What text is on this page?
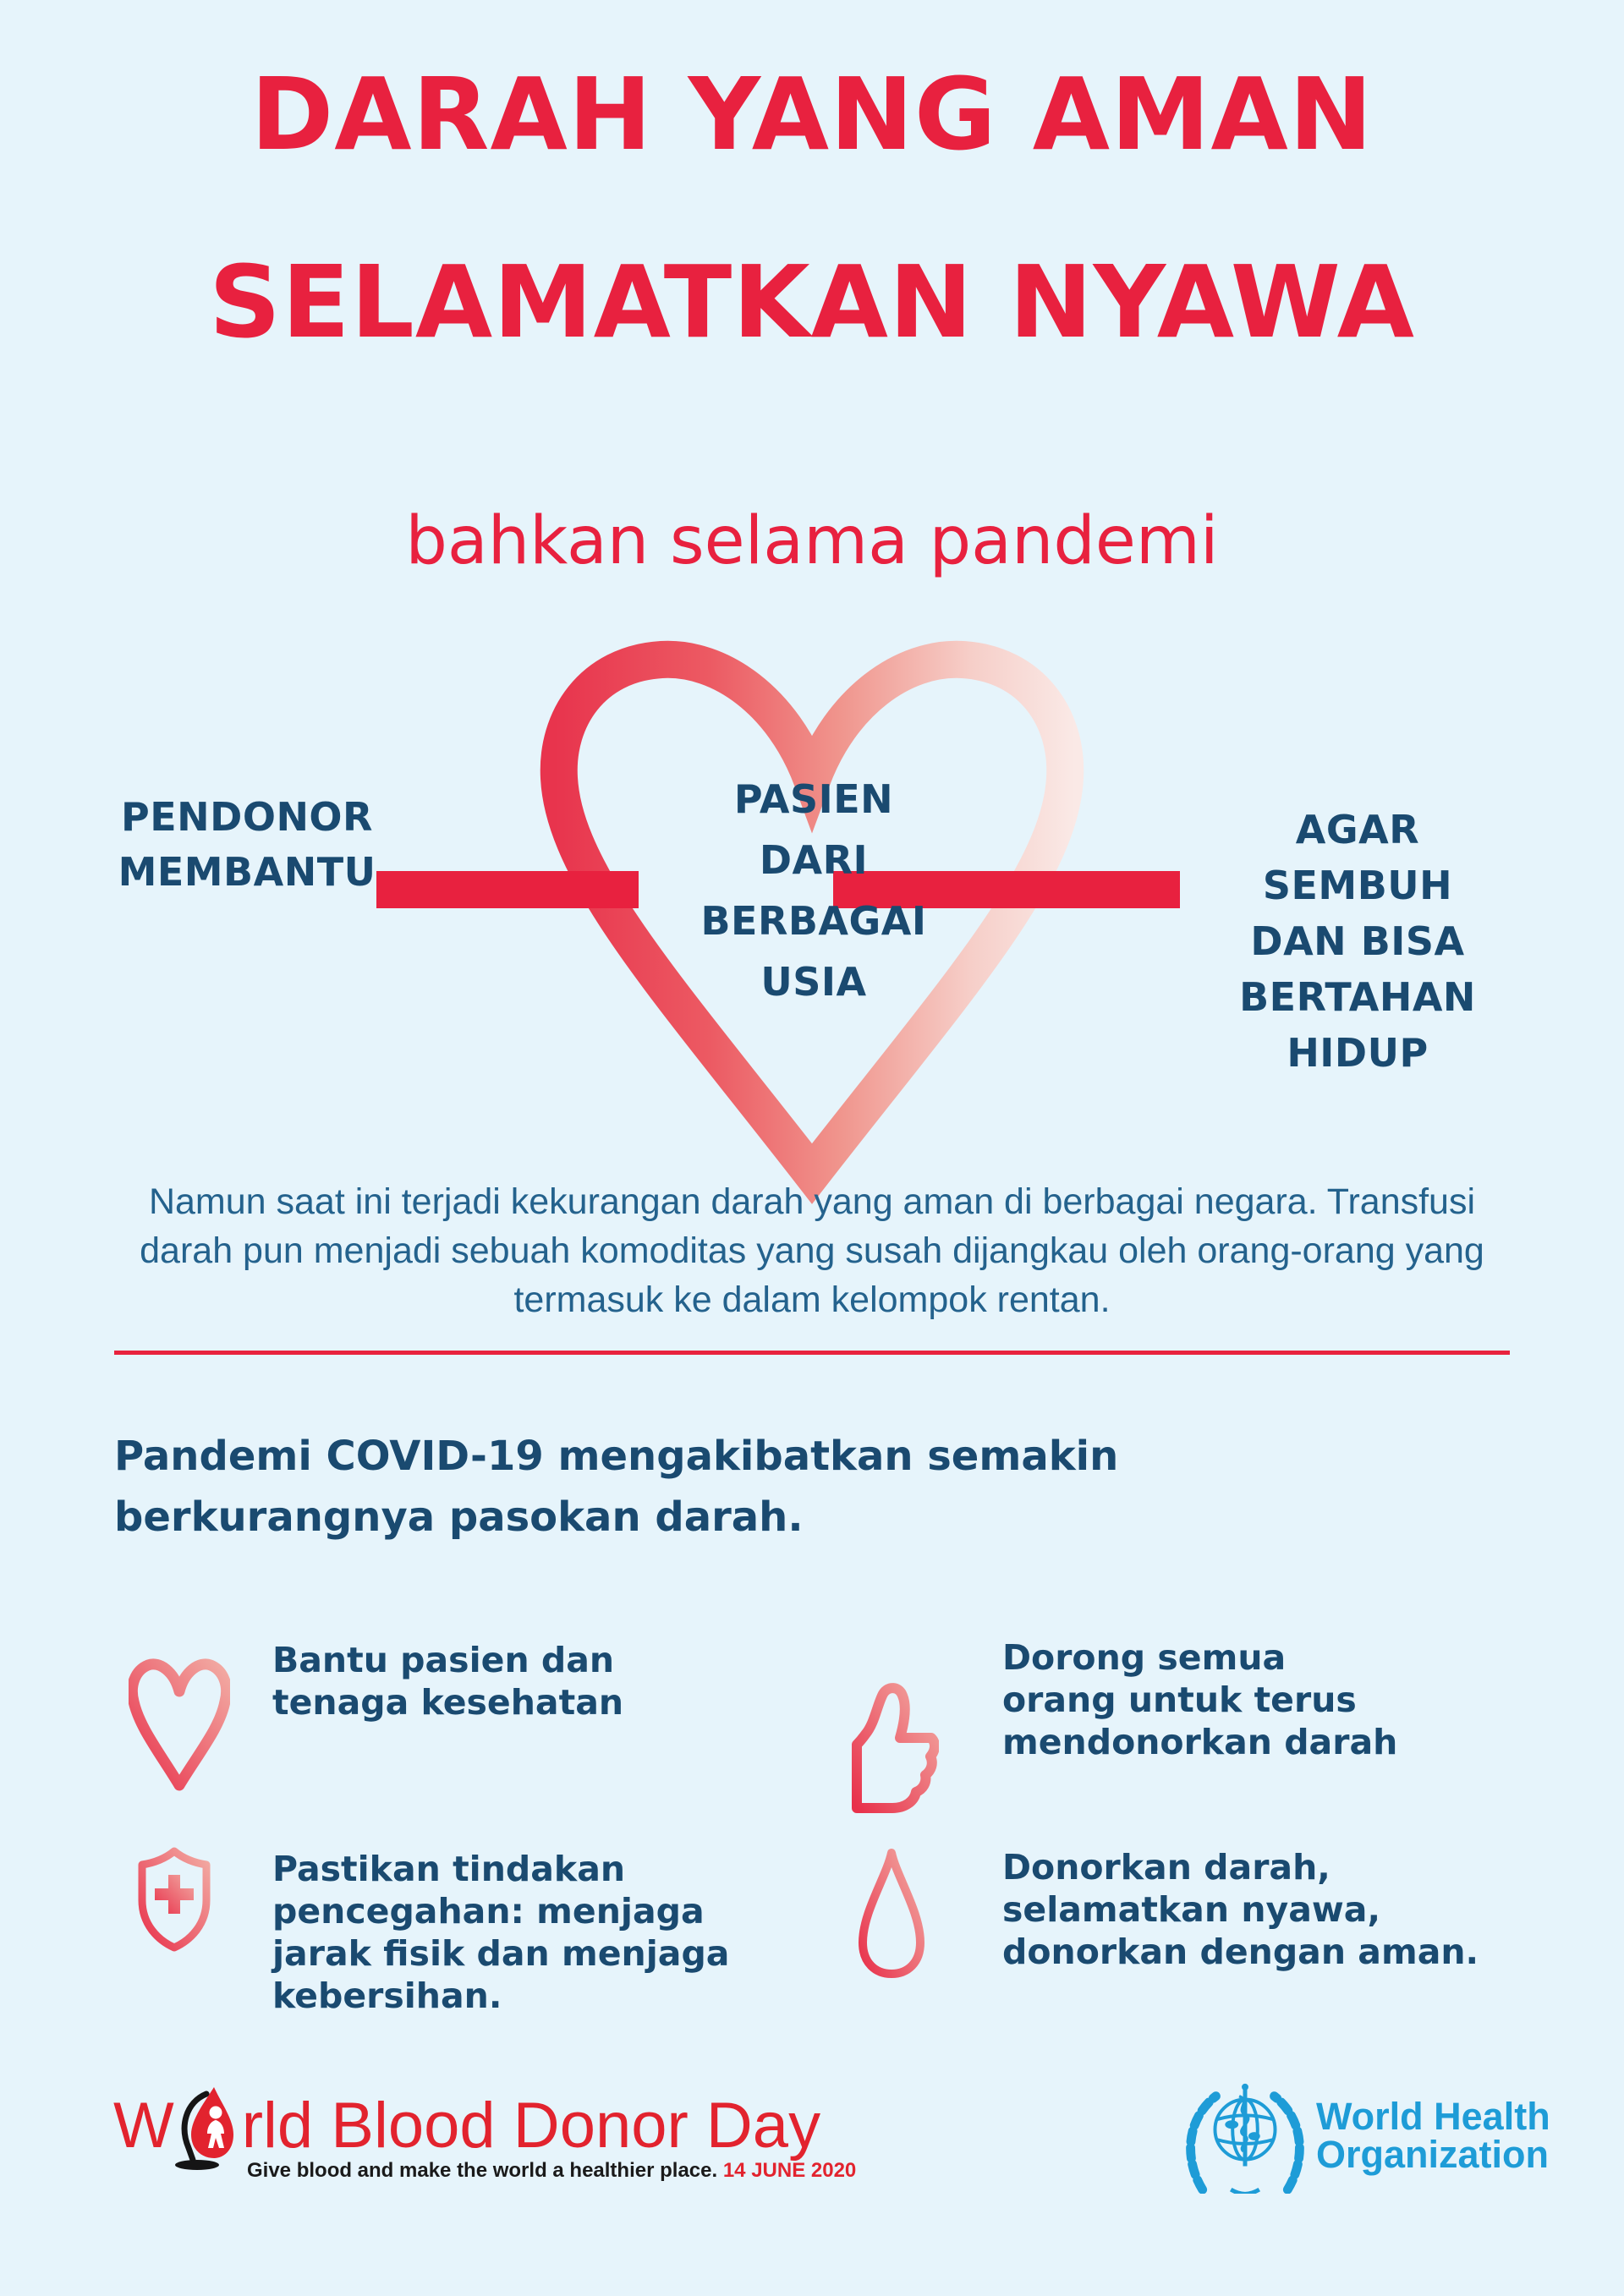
DARAH YANG AMAN
SELAMATKAN NYAWA
bahkan selama pandemi
PENDONOR
MEMBANTU
PASIEN
DARI
BERBAGAI
USIA
AGAR
SEMBUH
DAN BISA
BERTAHAN
HIDUP

Namun saat ini terjadi kekurangan darah yang aman di berbagai negara. Transfusi darah pun menjadi sebuah komoditas yang susah dijangkau oleh orang-orang yang termasuk ke dalam kelompok rentan.

Pandemi COVID-19 mengakibatkan semakin
berkurangnya pasokan darah.
Bantu pasien dan
tenaga kesehatan
Dorong semua
orang untuk terus
mendonorkan darah
Pastikan tindakan
pencegahan: menjaga
jarak fisik dan menjaga
kebersihan.
Donorkan darah,
selamatkan nyawa,
donorkan dengan aman.
W rld Blood Donor Day
Give blood and make the world a healthier place. 14 JUNE 2020
World Health
Organization
